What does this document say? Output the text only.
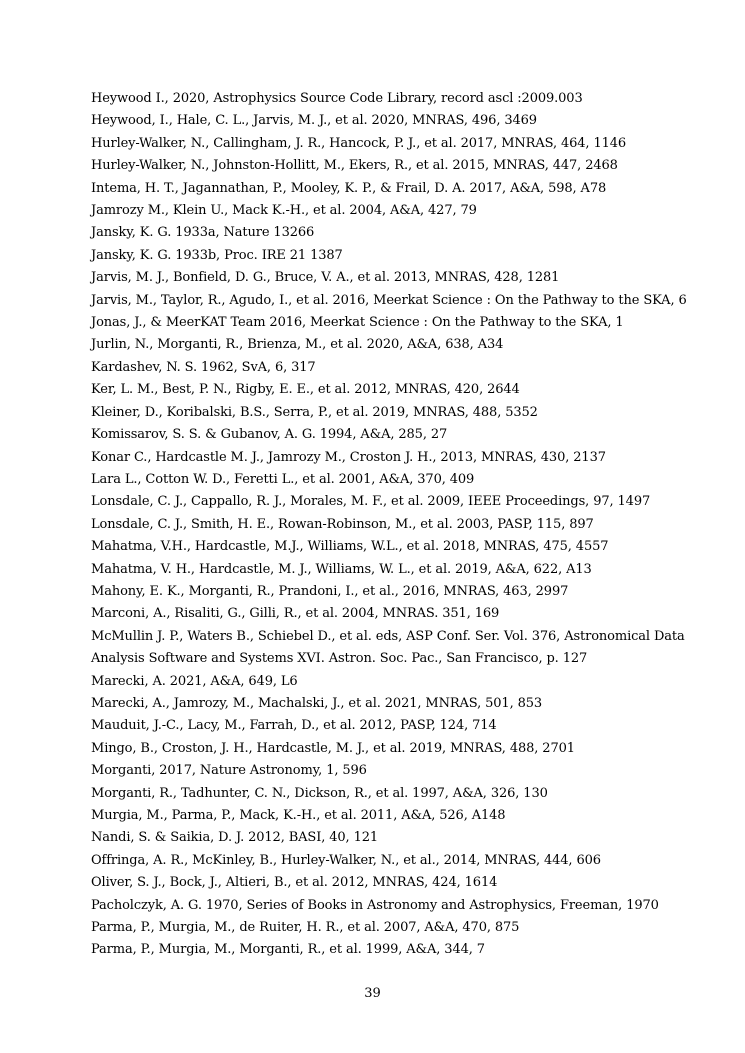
Heywood I., 2020, Astrophysics Source Code Library, record ascl :2009.003
Heywood, I., Hale, C. L., Jarvis, M. J., et al. 2020, MNRAS, 496, 3469
Hurley-Walker, N., Callingham, J. R., Hancock, P. J., et al. 2017, MNRAS, 464, 1146
Hurley-Walker, N., Johnston-Hollitt, M., Ekers, R., et al. 2015, MNRAS, 447, 2468
Intema, H. T., Jagannathan, P., Mooley, K. P., & Frail, D. A. 2017, A&A, 598, A78
Jamrozy M., Klein U., Mack K.-H., et al. 2004, A&A, 427, 79
Jansky, K. G. 1933a, Nature 13266
Jansky, K. G. 1933b, Proc. IRE 21 1387
Jarvis, M. J., Bonfield, D. G., Bruce, V. A., et al. 2013, MNRAS, 428, 1281
Jarvis, M., Taylor, R., Agudo, I., et al. 2016, Meerkat Science : On the Pathway to the SKA, 6
Jonas, J., & MeerKAT Team 2016, Meerkat Science : On the Pathway to the SKA, 1
Jurlin, N., Morganti, R., Brienza, M., et al. 2020, A&A, 638, A34
Kardashev, N. S. 1962, SvA, 6, 317
Ker, L. M., Best, P. N., Rigby, E. E., et al. 2012, MNRAS, 420, 2644
Kleiner, D., Koribalski, B.S., Serra, P., et al. 2019, MNRAS, 488, 5352
Komissarov, S. S. & Gubanov, A. G. 1994, A&A, 285, 27
Konar C., Hardcastle M. J., Jamrozy M., Croston J. H., 2013, MNRAS, 430, 2137
Lara L., Cotton W. D., Feretti L., et al. 2001, A&A, 370, 409
Lonsdale, C. J., Cappallo, R. J., Morales, M. F., et al. 2009, IEEE Proceedings, 97, 1497
Lonsdale, C. J., Smith, H. E., Rowan-Robinson, M., et al. 2003, PASP, 115, 897
Mahatma, V.H., Hardcastle, M.J., Williams, W.L., et al. 2018, MNRAS, 475, 4557
Mahatma, V. H., Hardcastle, M. J., Williams, W. L., et al. 2019, A&A, 622, A13
Mahony, E. K., Morganti, R., Prandoni, I., et al., 2016, MNRAS, 463, 2997
Marconi, A., Risaliti, G., Gilli, R., et al. 2004, MNRAS. 351, 169
McMullin J. P., Waters B., Schiebel D., et al. eds, ASP Conf. Ser. Vol. 376, Astronomical Data Analysis Software and Systems XVI. Astron. Soc. Pac., San Francisco, p. 127
Marecki, A. 2021, A&A, 649, L6
Marecki, A., Jamrozy, M., Machalski, J., et al. 2021, MNRAS, 501, 853
Mauduit, J.-C., Lacy, M., Farrah, D., et al. 2012, PASP, 124, 714
Mingo, B., Croston, J. H., Hardcastle, M. J., et al. 2019, MNRAS, 488, 2701
Morganti, 2017, Nature Astronomy, 1, 596
Morganti, R., Tadhunter, C. N., Dickson, R., et al. 1997, A&A, 326, 130
Murgia, M., Parma, P., Mack, K.-H., et al. 2011, A&A, 526, A148
Nandi, S. & Saikia, D. J. 2012, BASI, 40, 121
Offringa, A. R., McKinley, B., Hurley-Walker, N., et al., 2014, MNRAS, 444, 606
Oliver, S. J., Bock, J., Altieri, B., et al. 2012, MNRAS, 424, 1614
Pacholczyk, A. G. 1970, Series of Books in Astronomy and Astrophysics, Freeman, 1970
Parma, P., Murgia, M., de Ruiter, H. R., et al. 2007, A&A, 470, 875
Parma, P., Murgia, M., Morganti, R., et al. 1999, A&A, 344, 7
39
